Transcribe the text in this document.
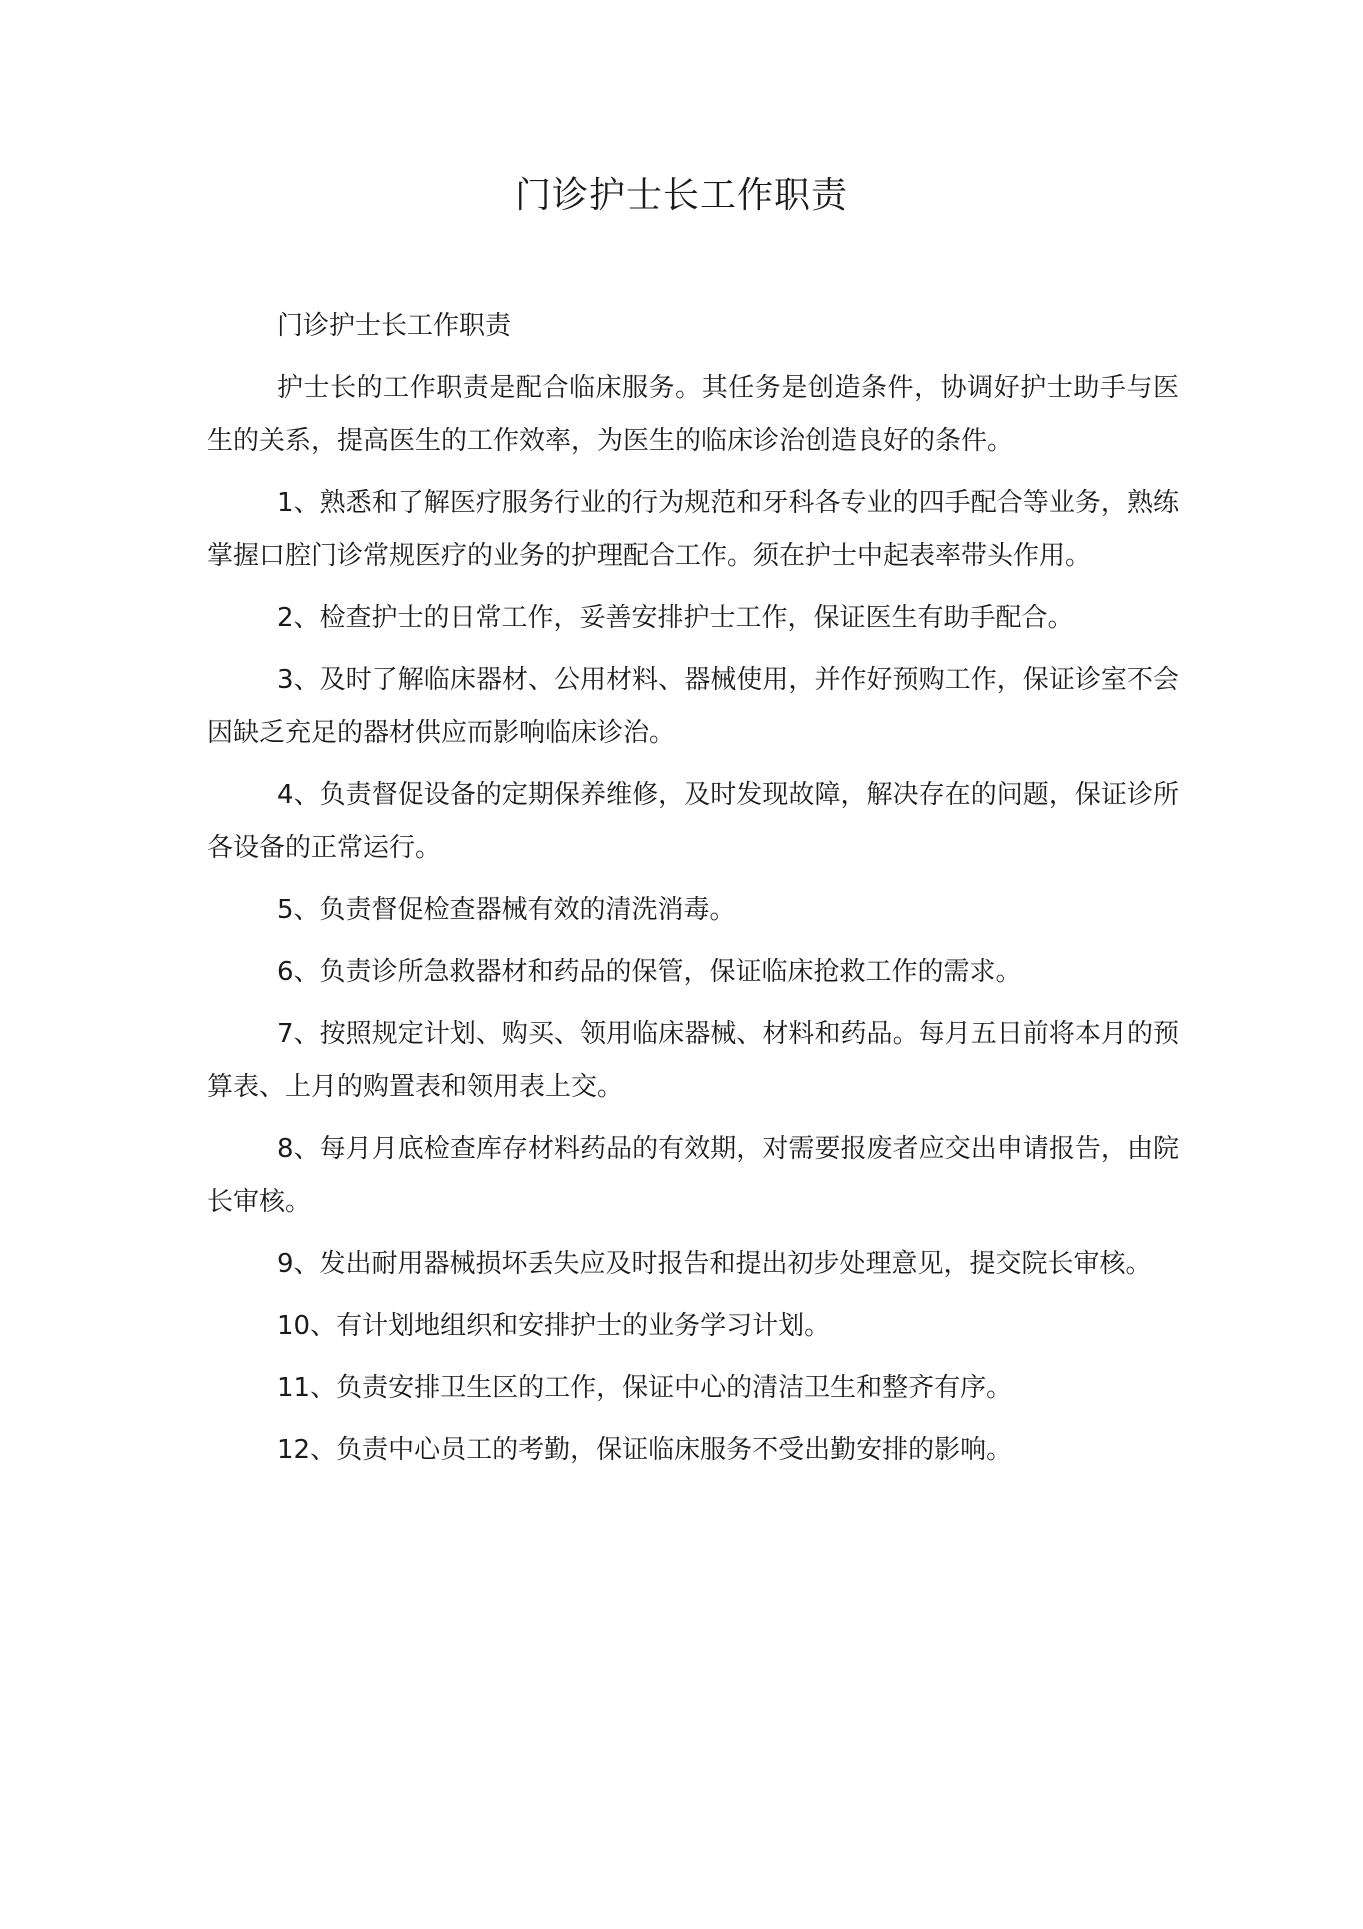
门诊护士长工作职责

门诊护士长工作职责

护士长的工作职责是配合临床服务。其任务是创造条件，协调好护士助手与医生的关系，提高医生的工作效率，为医生的临床诊治创造良好的条件。

1、熟悉和了解医疗服务行业的行为规范和牙科各专业的四手配合等业务，熟练掌握口腔门诊常规医疗的业务的护理配合工作。须在护士中起表率带头作用。

2、检查护士的日常工作，妥善安排护士工作，保证医生有助手配合。

3、及时了解临床器材、公用材料、器械使用，并作好预购工作，保证诊室不会因缺乏充足的器材供应而影响临床诊治。

4、负责督促设备的定期保养维修，及时发现故障，解决存在的问题，保证诊所各设备的正常运行。

5、负责督促检查器械有效的清洗消毒。

6、负责诊所急救器材和药品的保管，保证临床抢救工作的需求。

7、按照规定计划、购买、领用临床器械、材料和药品。每月五日前将本月的预算表、上月的购置表和领用表上交。

8、每月月底检查库存材料药品的有效期，对需要报废者应交出申请报告，由院长审核。

9、发出耐用器械损坏丢失应及时报告和提出初步处理意见，提交院长审核。

10、有计划地组织和安排护士的业务学习计划。

11、负责安排卫生区的工作，保证中心的清洁卫生和整齐有序。

12、负责中心员工的考勤，保证临床服务不受出勤安排的影响。
